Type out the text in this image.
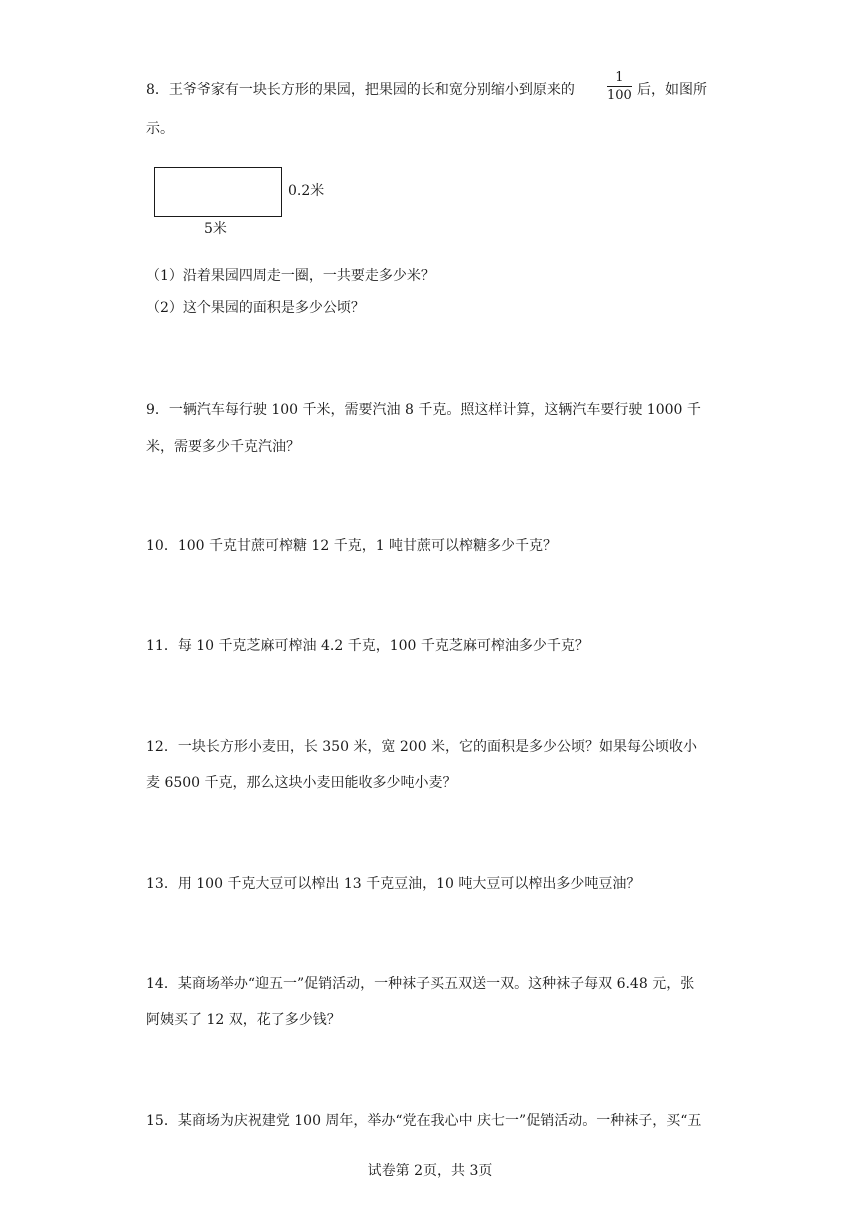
8．王爷爷家有一块长方形的果园，把果园的长和宽分别缩小到原来的
1
100 后，如图所
示。
0.2米
5米
（1）沿着果园四周走一圈，一共要走多少米？
（2）这个果园的面积是多少公顷？
9．一辆汽车每行驶 100 千米，需要汽油 8 千克。照这样计算，这辆汽车要行驶 1000 千
米，需要多少千克汽油？
10．100 千克甘蔗可榨糖 12 千克，1 吨甘蔗可以榨糖多少千克？
11．每 10 千克芝麻可榨油 4.2 千克，100 千克芝麻可榨油多少千克？
12．一块长方形小麦田，长 350 米，宽 200 米，它的面积是多少公顷？如果每公顷收小
麦 6500 千克，那么这块小麦田能收多少吨小麦？
13．用 100 千克大豆可以榨出 13 千克豆油，10 吨大豆可以榨出多少吨豆油？
14．某商场举办“迎五一”促销活动，一种袜子买五双送一双。这种袜子每双 6.48 元，张
阿姨买了 12 双，花了多少钱？
15．某商场为庆祝建党 100 周年，举办“党在我心中 庆七一”促销活动。一种袜子，买“五
试卷第 2页，共 3页
